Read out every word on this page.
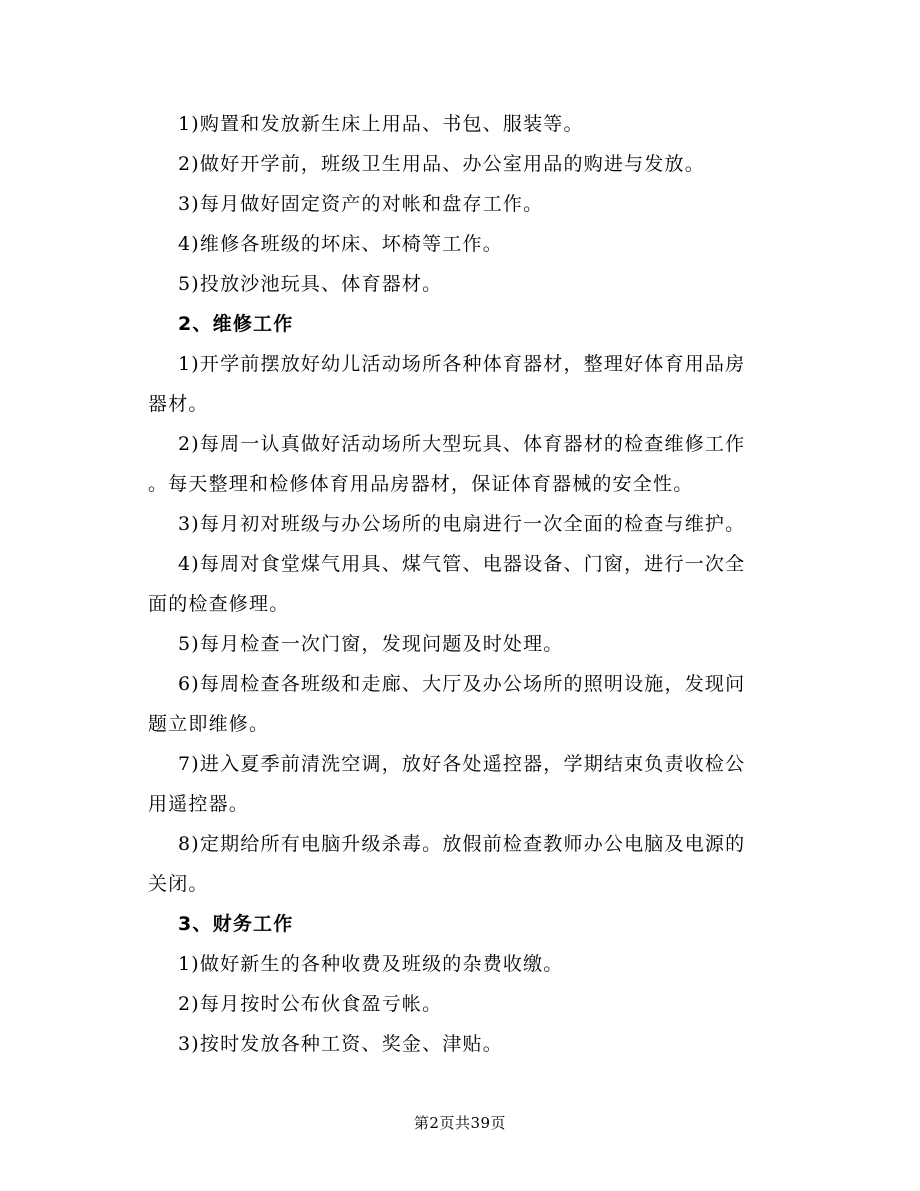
1)购置和发放新生床上用品、书包、服装等。
2)做好开学前，班级卫生用品、办公室用品的购进与发放。
3)每月做好固定资产的对帐和盘存工作。
4)维修各班级的坏床、坏椅等工作。
5)投放沙池玩具、体育器材。
2、维修工作
1)开学前摆放好幼儿活动场所各种体育器材，整理好体育用品房
器材。
2)每周一认真做好活动场所大型玩具、体育器材的检查维修工作
。每天整理和检修体育用品房器材，保证体育器械的安全性。
3)每月初对班级与办公场所的电扇进行一次全面的检查与维护。
4)每周对食堂煤气用具、煤气管、电器设备、门窗，进行一次全
面的检查修理。
5)每月检查一次门窗，发现问题及时处理。
6)每周检查各班级和走廊、大厅及办公场所的照明设施，发现问
题立即维修。
7)进入夏季前清洗空调，放好各处遥控器，学期结束负责收检公
用遥控器。
8)定期给所有电脑升级杀毒。放假前检查教师办公电脑及电源的
关闭。
3、财务工作
1)做好新生的各种收费及班级的杂费收缴。
2)每月按时公布伙食盈亏帐。
3)按时发放各种工资、奖金、津贴。
第2页共39页
